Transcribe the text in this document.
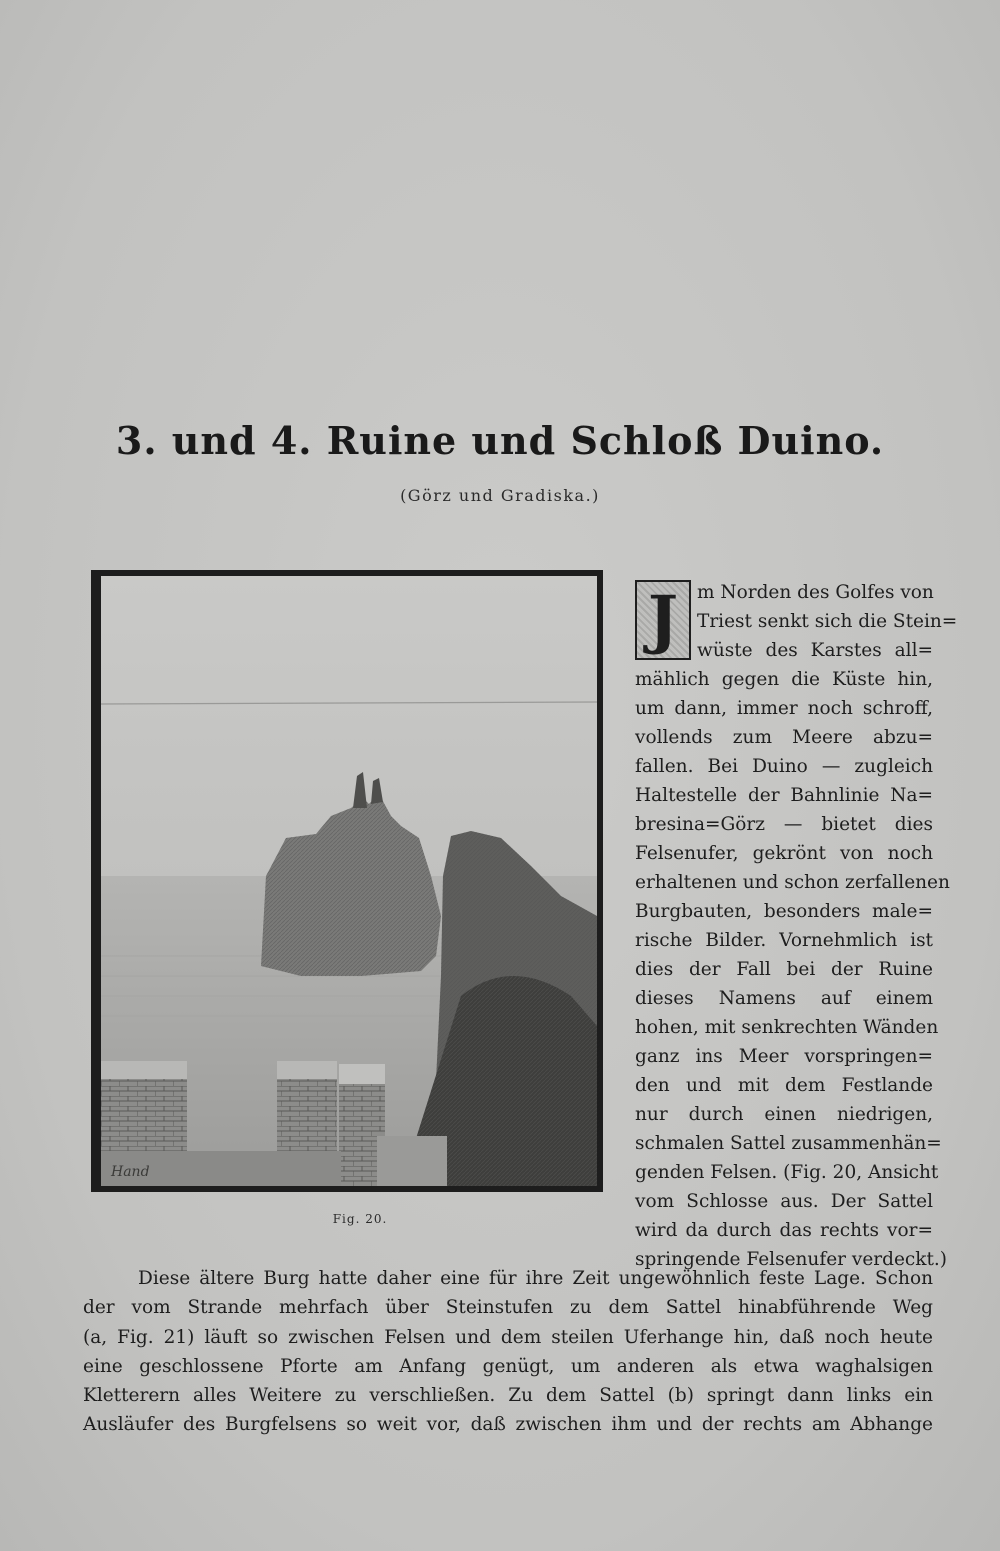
3. und 4. Ruine und Schloß Duino.
(Görz und Gradiska.)
Hand
Fig. 20.
J	m Norden des Golfes von
Triest senkt sich die Stein=
wüste des Karstes all=
mählich gegen die Küste hin,
um dann, immer noch schroff,
vollends zum Meere abzu=
fallen. Bei Duino — zugleich
Haltestelle der Bahnlinie Na=
bresina=Görz — bietet dies
Felsenufer, gekrönt von noch
erhaltenen und schon zerfallenen
Burgbauten, besonders male=
rische Bilder. Vornehmlich ist
dies der Fall bei der Ruine
dieses Namens auf einem
hohen, mit senkrechten Wänden
ganz ins Meer vorspringen=
den und mit dem Festlande
nur durch einen niedrigen,
schmalen Sattel zusammenhän=
genden Felsen. (Fig. 20, Ansicht
vom Schlosse aus. Der Sattel
wird da durch das rechts vor=
springende Felsenufer verdeckt.)
Diese ältere Burg hatte daher eine für ihre Zeit ungewöhnlich feste Lage. Schon
der vom Strande mehrfach über Steinstufen zu dem Sattel hinabführende Weg
(a, Fig. 21) läuft so zwischen Felsen und dem steilen Uferhange hin, daß noch heute
eine geschlossene Pforte am Anfang genügt, um anderen als etwa waghalsigen
Kletterern alles Weitere zu verschließen. Zu dem Sattel (b) springt dann links ein
Ausläufer des Burgfelsens so weit vor, daß zwischen ihm und der rechts am Abhange
